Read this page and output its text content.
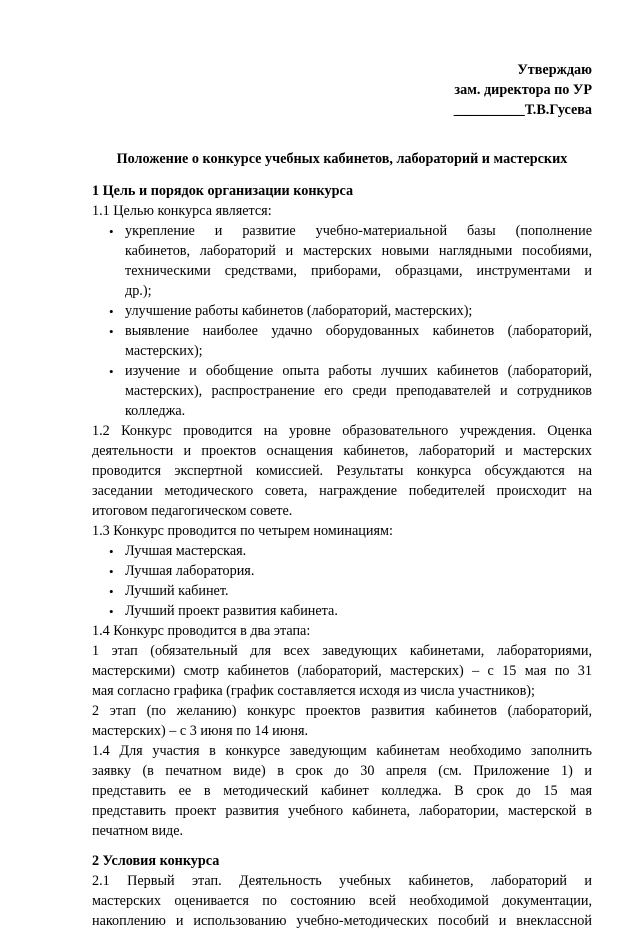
Утверждаю
зам. директора по УР
__________Т.В.Гусева
Положение о конкурсе учебных кабинетов, лабораторий и мастерских
1 Цель и порядок организации конкурса
1.1 Целью конкурса является:
• укрепление и развитие учебно-материальной базы (пополнение
кабинетов, лабораторий и мастерских новыми наглядными пособиями,
техническими средствами, приборами, образцами, инструментами и
др.);
• улучшение работы кабинетов (лабораторий, мастерских);
• выявление наиболее удачно оборудованных кабинетов (лабораторий,
мастерских);
• изучение и обобщение опыта работы лучших кабинетов (лабораторий,
мастерских), распространение его среди преподавателей и сотрудников
колледжа.
1.2 Конкурс проводится на уровне образовательного учреждения. Оценка
деятельности и проектов оснащения кабинетов, лабораторий и мастерских
проводится экспертной комиссией. Результаты конкурса обсуждаются на
заседании методического совета, награждение победителей происходит на
итоговом педагогическом совете.
1.3 Конкурс проводится по четырем номинациям:
• Лучшая мастерская.
• Лучшая лаборатория.
• Лучший кабинет.
• Лучший проект развития кабинета.
1.4 Конкурс проводится в два этапа:
1 этап (обязательный для всех заведующих кабинетами, лабораториями,
мастерскими) смотр кабинетов (лабораторий, мастерских) – с 15 мая по 31
мая согласно графика (график составляется исходя из числа участников);
2 этап (по желанию) конкурс проектов развития кабинетов (лабораторий,
мастерских) – с 3 июня по 14 июня.
1.4 Для участия в конкурсе заведующим кабинетам необходимо заполнить
заявку (в печатном виде) в срок до 30 апреля (см. Приложение 1) и
представить ее в методический кабинет колледжа. В срок до 15 мая
представить проект развития учебного кабинета, лаборатории, мастерской в
печатном виде.
2 Условия конкурса
2.1 Первый этап. Деятельность учебных кабинетов, лабораторий и
мастерских оценивается по состоянию всей необходимой документации,
накоплению и использованию учебно-методических пособий и внеклассной
